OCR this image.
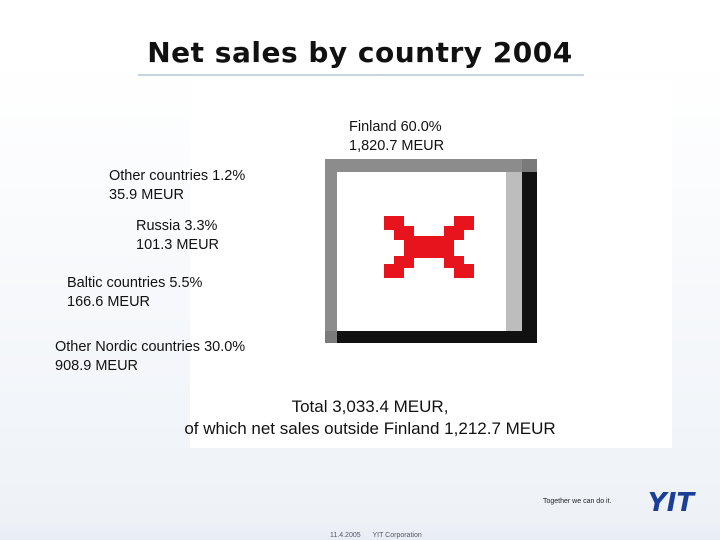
Net sales by country 2004
Finland 60.0%
1,820.7 MEUR
Other countries 1.2%
35.9 MEUR
Russia 3.3%
101.3 MEUR
Baltic countries 5.5%
166.6 MEUR
Other Nordic countries 30.0%
908.9 MEUR
Total 3,033.4 MEUR,
of which net sales outside Finland 1,212.7 MEUR
Together we can do it. YIT
11.4.2005 YIT Corporation
